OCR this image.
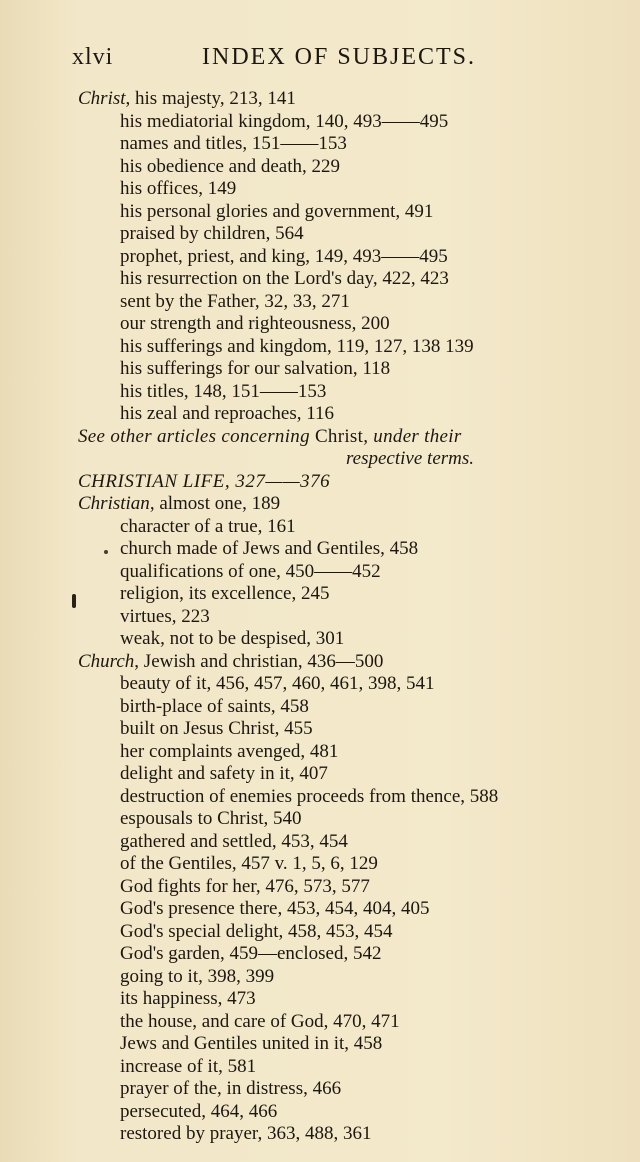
xlvi	INDEX OF SUBJECTS.
Christ, his majesty, 213, 141
his mediatorial kingdom, 140, 493——495
names and titles, 151——153
his obedience and death, 229
his offices, 149
his personal glories and government, 491
praised by children, 564
prophet, priest, and king, 149, 493——495
his resurrection on the Lord's day, 422, 423
sent by the Father, 32, 33, 271
our strength and righteousness, 200
his sufferings and kingdom, 119, 127, 138 139
his sufferings for our salvation, 118
his titles, 148, 151——153
his zeal and reproaches, 116
See other articles concerning Christ, under their
respective terms.
CHRISTIAN LIFE, 327——376
Christian, almost one, 189
character of a true, 161
church made of Jews and Gentiles, 458
qualifications of one, 450——452
religion, its excellence, 245
virtues, 223
weak, not to be despised, 301
Church, Jewish and christian, 436—500
beauty of it, 456, 457, 460, 461, 398, 541
birth-place of saints, 458
built on Jesus Christ, 455
her complaints avenged, 481
delight and safety in it, 407
destruction of enemies proceeds from thence, 588
espousals to Christ, 540
gathered and settled, 453, 454
of the Gentiles, 457 v. 1, 5, 6, 129
God fights for her, 476, 573, 577
God's presence there, 453, 454, 404, 405
God's special delight, 458, 453, 454
God's garden, 459—enclosed, 542
going to it, 398, 399
its happiness, 473
the house, and care of God, 470, 471
Jews and Gentiles united in it, 458
increase of it, 581
prayer of the, in distress, 466
persecuted, 464, 466
restored by prayer, 363, 488, 361
